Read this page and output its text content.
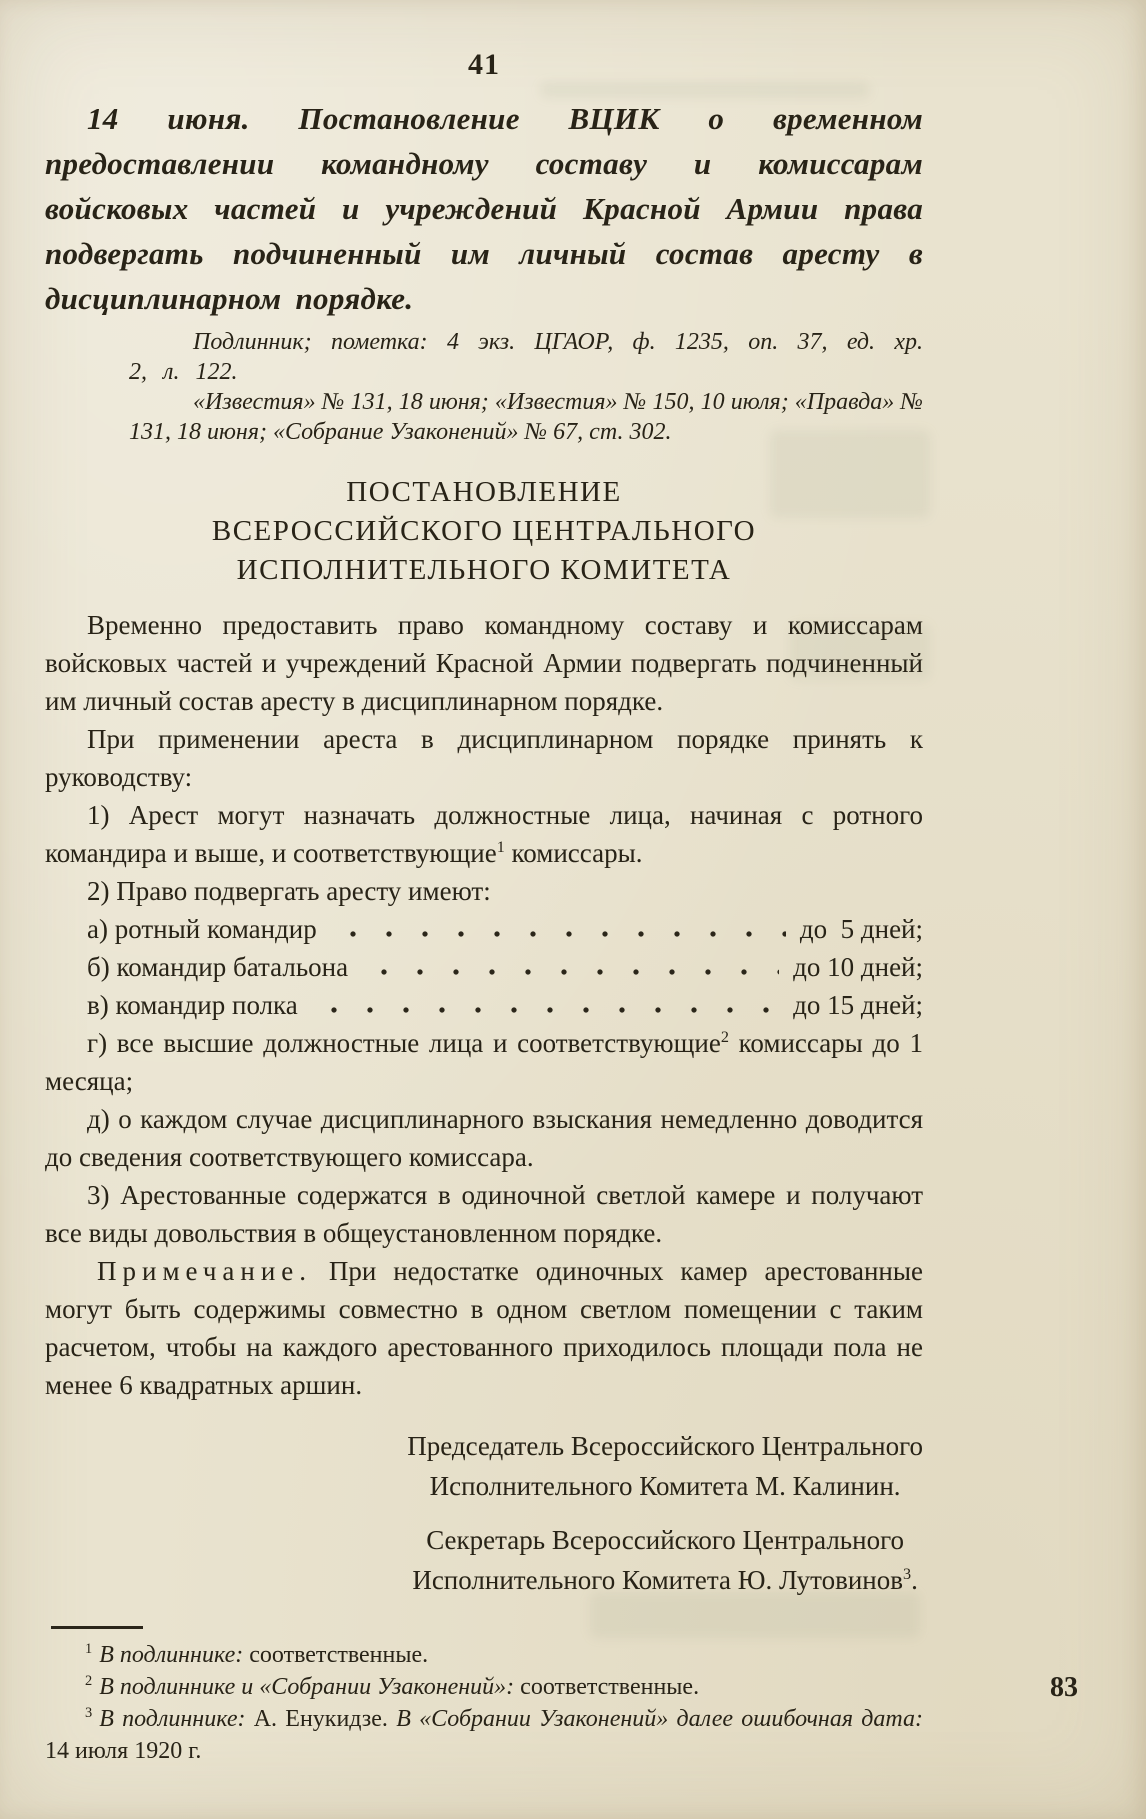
41
14 июня. Постановление ВЦИК о временном предоставлении командному составу и комиссарам войсковых частей и учреждений Красной Армии права подвергать подчиненный им личный состав аресту в дисциплинарном порядке.

Подлинник; пометка: 4 экз. ЦГАОР, ф. 1235, оп. 37, ед. хр. 2, л. 122.

«Известия» № 131, 18 июня; «Известия» № 150, 10 июля; «Правда» № 131, 18 июня; «Собрание Узаконений» № 67, ст. 302.

ПОСТАНОВЛЕНИЕ
ВСЕРОССИЙСКОГО ЦЕНТРАЛЬНОГО
ИСПОЛНИТЕЛЬНОГО КОМИТЕТА

Временно предоставить право командному составу и комиссарам войсковых частей и учреждений Красной Армии подвергать подчиненный им личный состав аресту в дисциплинарном порядке.

При применении ареста в дисциплинарном порядке принять к руководству:

1) Арест могут назначать должностные лица, начиная с ротного командира и выше, и соответствующие$^1$ комиссары.

2) Право подвергать аресту имеют:

а) ротный командир	до  5 дней;
б) командир батальона	до 10 дней;
в) командир полка	до 15 дней;

г) все высшие должностные лица и соответствующие$^2$ комиссары до 1 месяца;

д) о каждом случае дисциплинарного взыскания немедленно доводится до сведения соответствующего комиссара.

3) Арестованные содержатся в одиночной светлой камере и получают все виды довольствия в общеустановленном порядке.

Примечание. При недостатке одиночных камер арестованные могут быть содержимы совместно в одном светлом помещении с таким расчетом, чтобы на каждого арестованного приходилось площади пола не менее 6 квадратных аршин.

Председатель Всероссийского Центрального
Исполнительного Комитета М. Калинин.
Секретарь Всероссийского Центрального
Исполнительного Комитета Ю. Лутовинов$^3$.

$^1$ В подлиннике: соответственные.

$^2$ В подлиннике и «Собрании Узаконений»: соответственные.

$^3$ В подлиннике: А. Енукидзе. В «Собрании Узаконений» далее ошибочная дата: 14 июля 1920 г.

83
